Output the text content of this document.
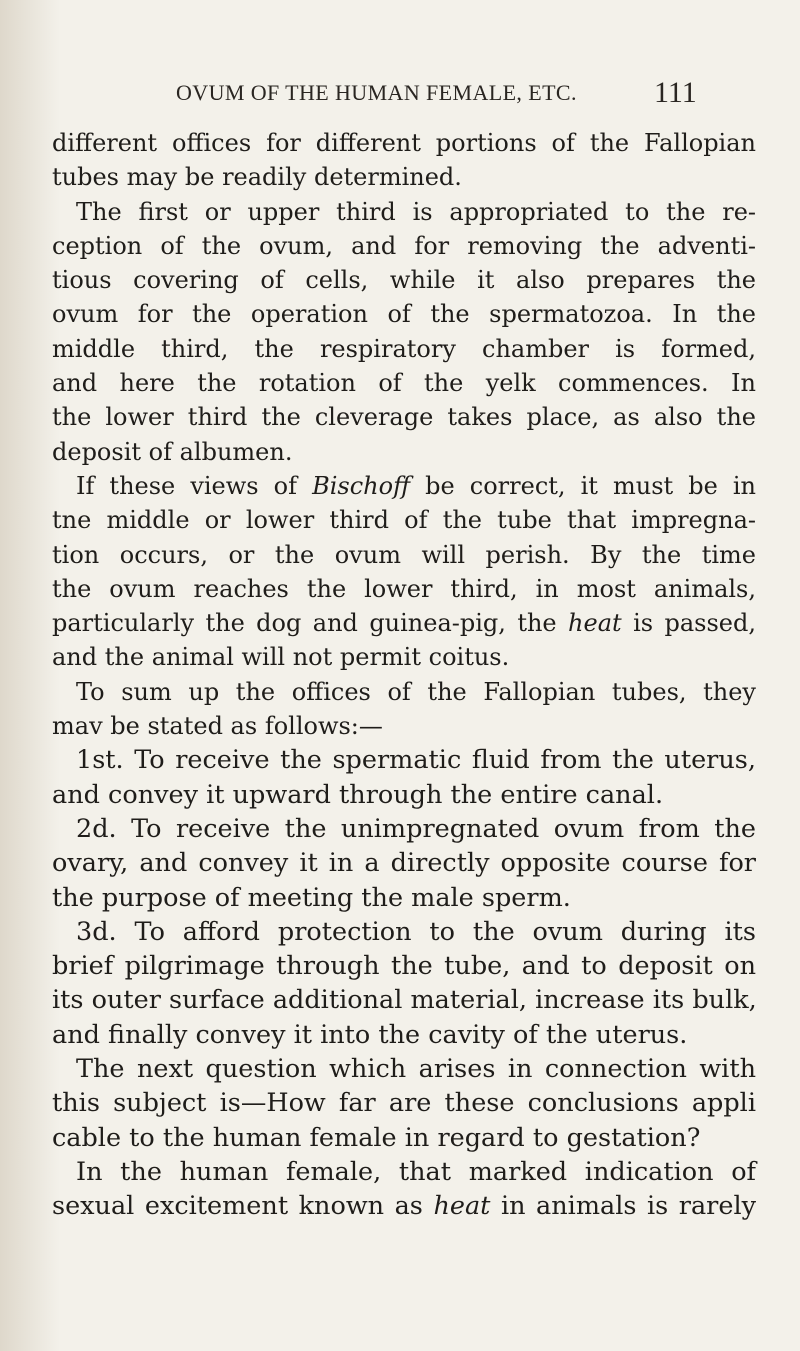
OVUM OF THE HUMAN FEMALE, ETC.	111
different offices for different portions of the Fallopian
tubes may be readily determined.
The first or upper third is appropriated to the re-
ception of the ovum, and for removing the adventi-
tious covering of cells, while it also prepares the
ovum for the operation of the spermatozoa. In the
middle third, the respiratory chamber is formed,
and here the rotation of the yelk commences. In
the lower third the cleverage takes place, as also the
deposit of albumen.
If these views of Bischoff be correct, it must be in
tne middle or lower third of the tube that impregna-
tion occurs, or the ovum will perish. By the time
the ovum reaches the lower third, in most animals,
particularly the dog and guinea-pig, the heat is passed,
and the animal will not permit coitus.
To sum up the offices of the Fallopian tubes, they
mav be stated as follows:—
1st. To receive the spermatic fluid from the uterus,
and convey it upward through the entire canal.
2d. To receive the unimpregnated ovum from the
ovary, and convey it in a directly opposite course for
the purpose of meeting the male sperm.
3d. To afford protection to the ovum during its
brief pilgrimage through the tube, and to deposit on
its outer surface additional material, increase its bulk,
and finally convey it into the cavity of the uterus.
The next question which arises in connection with
this subject is—How far are these conclusions appli
cable to the human female in regard to gestation?
In the human female, that marked indication of
sexual excitement known as heat in animals is rarely
